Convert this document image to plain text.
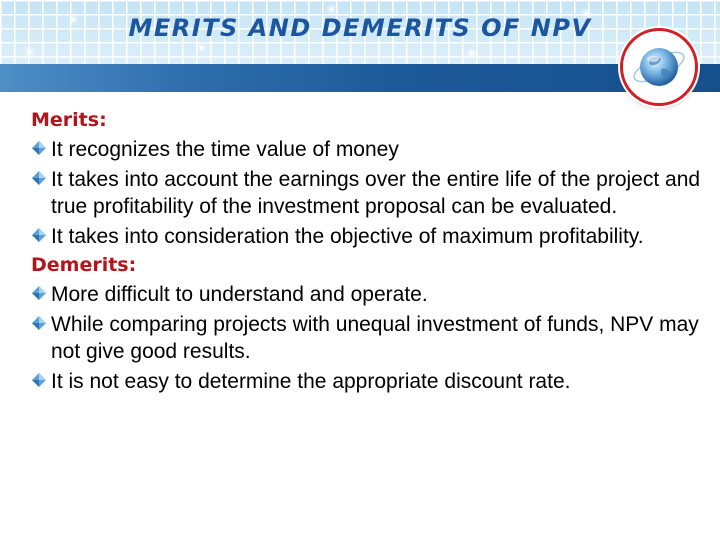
MERITS AND DEMERITS OF NPV
Merits:
It recognizes the time value of money
It takes into account the earnings over the entire life of the project and true profitability of the investment proposal can be evaluated.
It takes into consideration the objective of maximum profitability.
Demerits:
More difficult to understand and operate.
While comparing projects with unequal investment of funds, NPV may not give good results.
It is not easy to determine the appropriate discount rate.
